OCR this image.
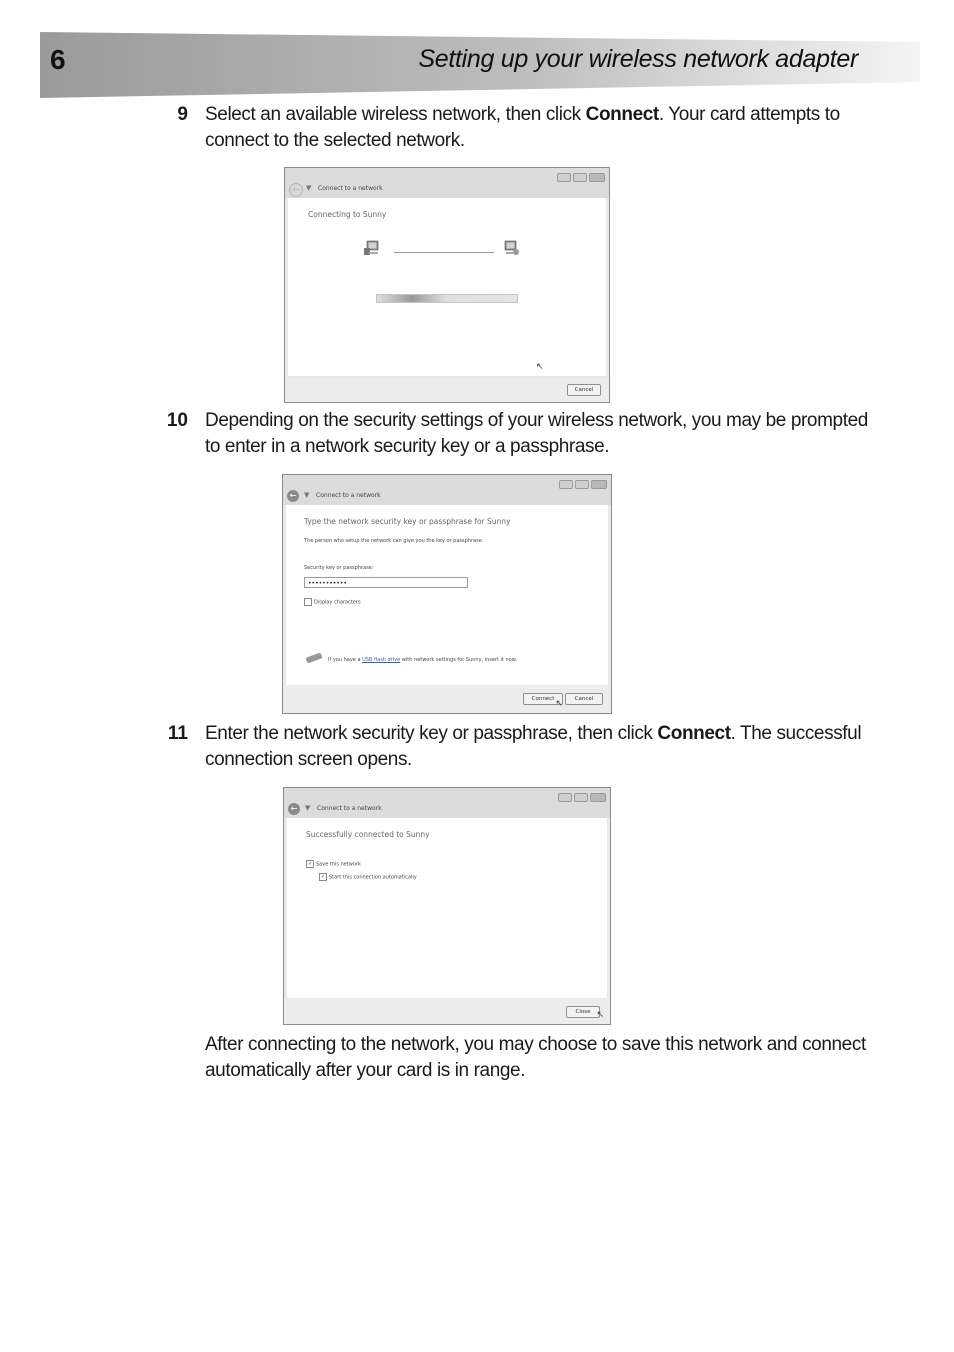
6	Setting up your wireless network adapter
9 Select an available wireless network, then click Connect. Your card attempts to connect to the selected network.
← ▼ Connect to a network
Connecting to Sunny
↖
Cancel
10 Depending on the security settings of your wireless network, you may be prompted to enter in a network security key or a passphrase.
←	▼ Connect to a network
Type the network security key or passphrase for Sunny
The person who setup the network can give you the key or passphrase.
Security key or passphrase:
•••••••••••
Display characters
If you have a USB flash drive with network settings for Sunny, insert it now.
Connect	Cancel
↖
11 Enter the network security key or passphrase, then click Connect. The successful connection screen opens.
←	▼ Connect to a network
Successfully connected to Sunny
✓ Save this network
✓ Start this connection automatically
Close ↖
After connecting to the network, you may choose to save this network and connect automatically after your card is in range.
